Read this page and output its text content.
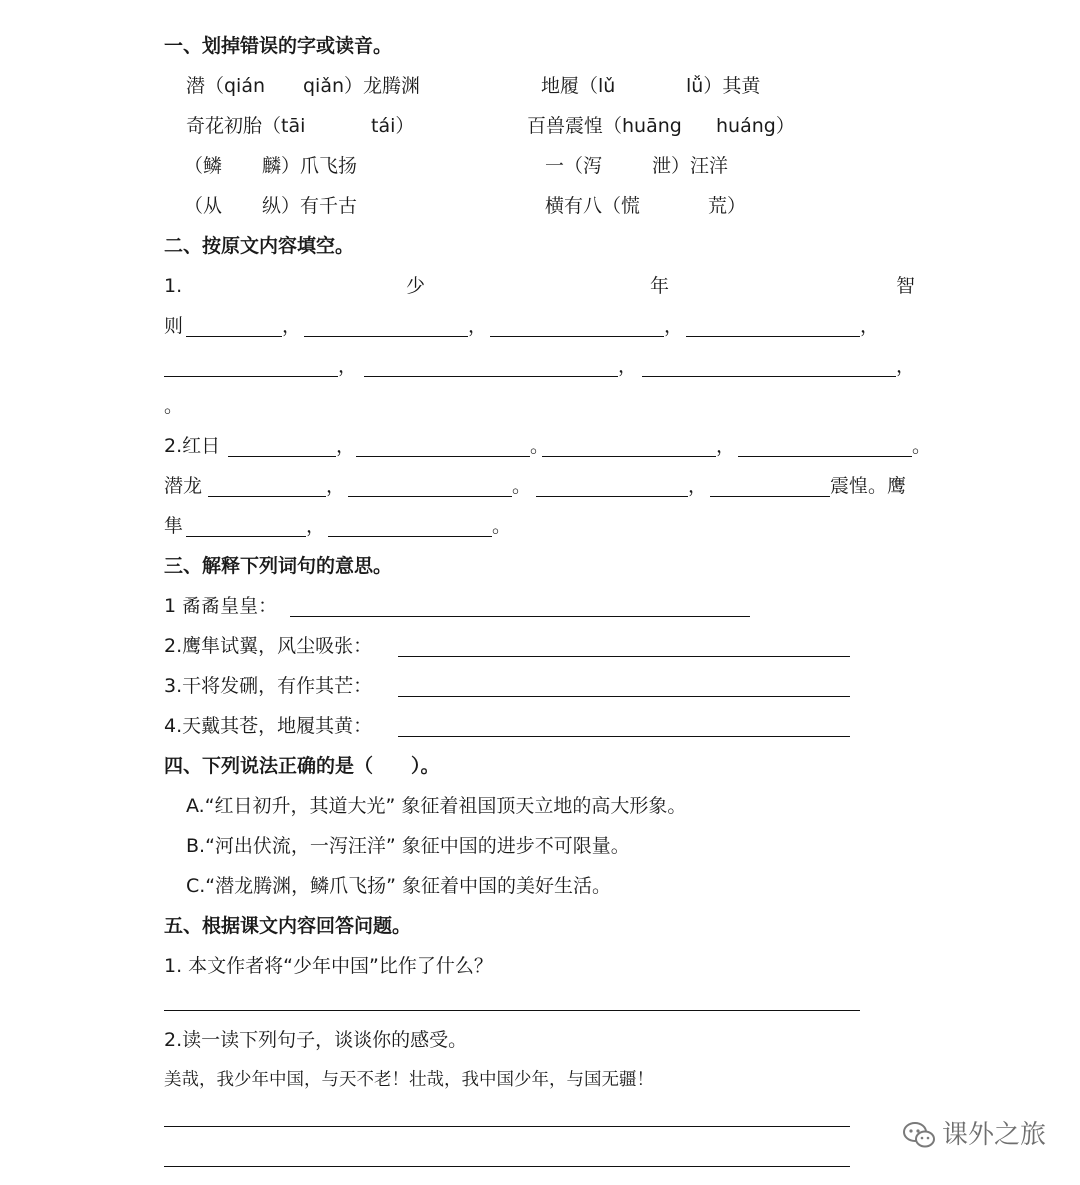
一、划掉错误的字或读音。
潜（qián qiǎn）龙腾渊	地履（lǔ	lǚ）其黄
奇花初胎（tāi	tái）	百兽震惶（huāng huáng）
（鳞 麟）爪飞扬	一（泻	泄）汪洋
（从 纵）有千古	横有八（慌	荒）
二、按原文内容填空。
1.	少	年	智
则	，	，	，	，
，	，	，
。
2.红日	，	。	，	。
潜龙	，	。	，	震惶。鹰
隼	，	。
三、解释下列词句的意思。
1 矞矞皇皇：
2.鹰隼试翼，风尘吸张：
3.干将发硎，有作其芒：
4.天戴其苍，地履其黄：
四、下列说法正确的是（　　）。
A.“红日初升，其道大光” 象征着祖国顶天立地的高大形象。
B.“河出伏流，一泻汪洋” 象征中国的进步不可限量。
C.“潜龙腾渊，鳞爪飞扬” 象征着中国的美好生活。
五、根据课文内容回答问题。
1. 本文作者将“少年中国”比作了什么？
2.读一读下列句子，谈谈你的感受。
美哉，我少年中国，与天不老！壮哉，我中国少年，与国无疆！
课外之旅
